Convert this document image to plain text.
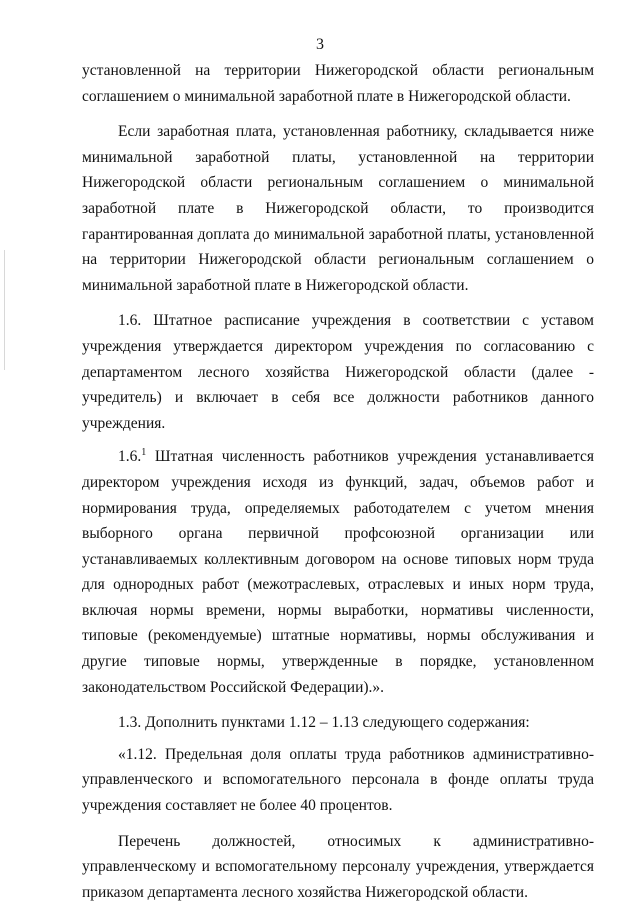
3

установленной на территории Нижегородской области региональным соглашением о минимальной заработной плате в Нижегородской области.

Если заработная плата, установленная работнику, складывается ниже минимальной заработной платы, установленной на территории Нижегородской области региональным соглашением о минимальной заработной плате в Нижегородской области, то производится гарантированная доплата до минимальной заработной платы, установленной на территории Нижегородской области региональным соглашением о минимальной заработной плате в Нижегородской области.

1.6. Штатное расписание учреждения в соответствии с уставом учреждения утверждается директором учреждения по согласованию с департаментом лесного хозяйства Нижегородской области (далее - учредитель) и включает в себя все должности работников данного учреждения.

1.6.$^1$ Штатная численность работников учреждения устанавливается директором учреждения исходя из функций, задач, объемов работ и нормирования труда, определяемых работодателем с учетом мнения выборного органа первичной профсоюзной организации или устанавливаемых коллективным договором на основе типовых норм труда для однородных работ (межотраслевых, отраслевых и иных норм труда, включая нормы времени, нормы выработки, нормативы численности, типовые (рекомендуемые) штатные нормативы, нормы обслуживания и другие типовые нормы, утвержденные в порядке, установленном законодательством Российской Федерации).».

1.3. Дополнить пунктами 1.12 – 1.13 следующего содержания:

«1.12. Предельная доля оплаты труда работников административно-управленческого и вспомогательного персонала в фонде оплаты труда учреждения составляет не более 40 процентов.

Перечень должностей, относимых к административно-управленческому и вспомогательному персоналу учреждения, утверждается приказом департамента лесного хозяйства Нижегородской области.
